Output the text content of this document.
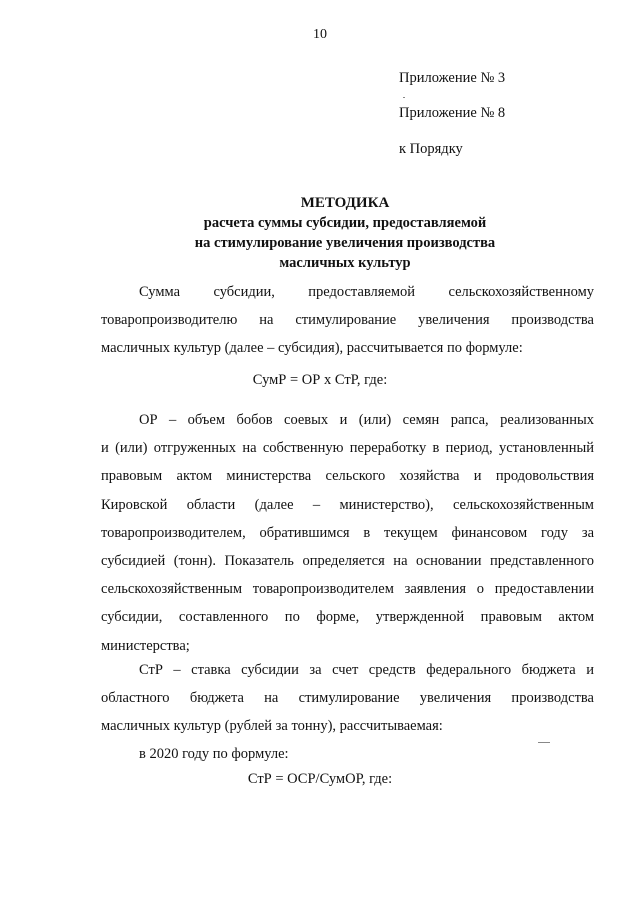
10
Приложение № 3
Приложение № 8
к Порядку
МЕТОДИКА
расчета суммы субсидии, предоставляемой
на стимулирование увеличения производства
масличных культур

Сумма субсидии, предоставляемой сельскохозяйственному

товаропроизводителю на стимулирование увеличения производства

масличных культур (далее – субсидия), рассчитывается по формуле:

СумР = ОР х СтР, где:

ОР – объем бобов соевых и (или) семян рапса, реализованных

и (или) отгруженных на собственную переработку в период, установленный

правовым актом министерства сельского хозяйства и продовольствия

Кировской области (далее – министерство), сельскохозяйственным

товаропроизводителем, обратившимся в текущем финансовом году за

субсидией (тонн). Показатель определяется на основании представленного

сельскохозяйственным товаропроизводителем заявления о предоставлении

субсидии, составленного по форме, утвержденной правовым актом

министерства;

СтР – ставка субсидии за счет средств федерального бюджета и

областного бюджета на стимулирование увеличения производства

масличных культур (рублей за тонну), рассчитываемая:

в 2020 году по формуле:

СтР = ОСР/СумОР, где:
